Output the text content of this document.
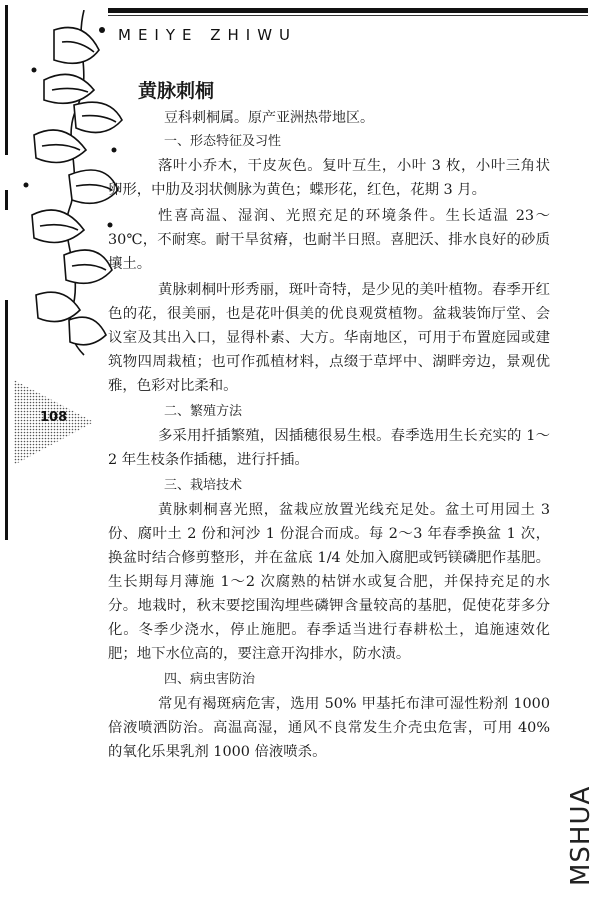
MEIYE ZHIWU
108
黄脉刺桐

豆科刺桐属。原产亚洲热带地区。

一、形态特征及习性

落叶小乔木，干皮灰色。复叶互生，小叶 3 枚，小叶三角状卵形，中肋及羽状侧脉为黄色；蝶形花，红色，花期 3 月。

性喜高温、湿润、光照充足的环境条件。生长适温 23～30℃，不耐寒。耐干旱贫瘠，也耐半日照。喜肥沃、排水良好的砂质壤土。

黄脉刺桐叶形秀丽，斑叶奇特，是少见的美叶植物。春季开红色的花，很美丽，也是花叶俱美的优良观赏植物。盆栽装饰厅堂、会议室及其出入口，显得朴素、大方。华南地区，可用于布置庭园或建筑物四周栽植；也可作孤植材料，点缀于草坪中、湖畔旁边，景观优雅，色彩对比柔和。

二、繁殖方法

多采用扦插繁殖，因插穗很易生根。春季选用生长充实的 1～2 年生枝条作插穗，进行扦插。

三、栽培技术

黄脉刺桐喜光照，盆栽应放置光线充足处。盆土可用园土 3 份、腐叶土 2 份和河沙 1 份混合而成。每 2～3 年春季换盆 1 次，换盆时结合修剪整形，并在盆底 1/4 处加入腐肥或钙镁磷肥作基肥。生长期每月薄施 1～2 次腐熟的枯饼水或复合肥，并保持充足的水分。地栽时，秋末要挖围沟埋些磷钾含量较高的基肥，促使花芽多分化。冬季少浇水，停止施肥。春季适当进行春耕松土，追施速效化肥；地下水位高的，要注意开沟排水，防水渍。

四、病虫害防治

常见有褐斑病危害，选用 50% 甲基托布津可湿性粉剂 1000 倍液喷洒防治。高温高湿，通风不良常发生介壳虫危害，可用 40% 的氧化乐果乳剂 1000 倍液喷杀。

MSHUA
